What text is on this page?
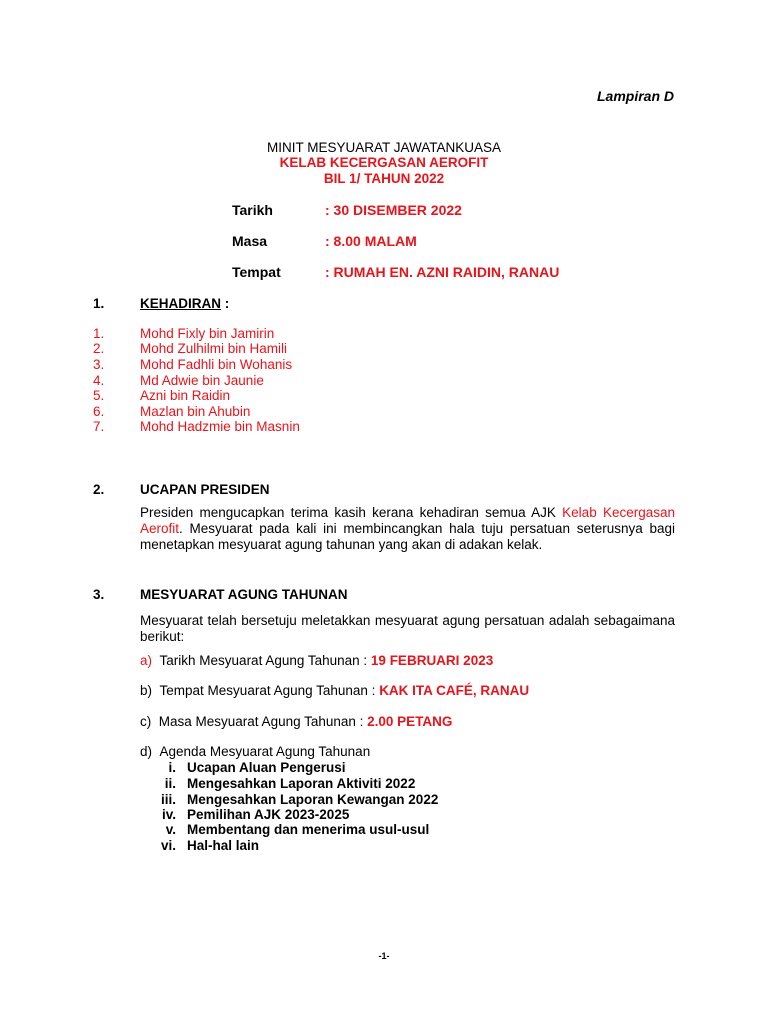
Lampiran D
MINIT MESYUARAT JAWATANKUASA
KELAB KECERGASAN AEROFIT
BIL 1/ TAHUN 2022
Tarikh	: 30 DISEMBER 2022
Masa	: 8.00 MALAM
Tempat	: RUMAH EN. AZNI RAIDIN, RANAU
1.	KEHADIRAN :
1.	Mohd Fixly bin Jamirin
2.	Mohd Zulhilmi bin Hamili
3.	Mohd Fadhli bin Wohanis
4.	Md Adwie bin Jaunie
5.	Azni bin Raidin
6.	Mazlan bin Ahubin
7.	Mohd Hadzmie bin Masnin
2.	UCAPAN PRESIDEN
Presiden mengucapkan terima kasih kerana kehadiran semua AJK Kelab Kecergasan Aerofit. Mesyuarat pada kali ini membincangkan hala tuju persatuan seterusnya bagi menetapkan mesyuarat agung tahunan yang akan di adakan kelak.
3.	MESYUARAT AGUNG TAHUNAN
Mesyuarat telah bersetuju meletakkan mesyuarat agung persatuan adalah sebagaimana berikut:
a) Tarikh Mesyuarat Agung Tahunan : 19 FEBRUARI 2023
b) Tempat Mesyuarat Agung Tahunan : KAK ITA CAFÉ, RANAU
c) Masa Mesyuarat Agung Tahunan : 2.00 PETANG
d) Agenda Mesyuarat Agung Tahunan
i. Ucapan Aluan Pengerusi
ii. Mengesahkan Laporan Aktiviti 2022
iii. Mengesahkan Laporan Kewangan 2022
iv. Pemilihan AJK 2023-2025
v. Membentang dan menerima usul-usul
vi. Hal-hal lain
-1-
